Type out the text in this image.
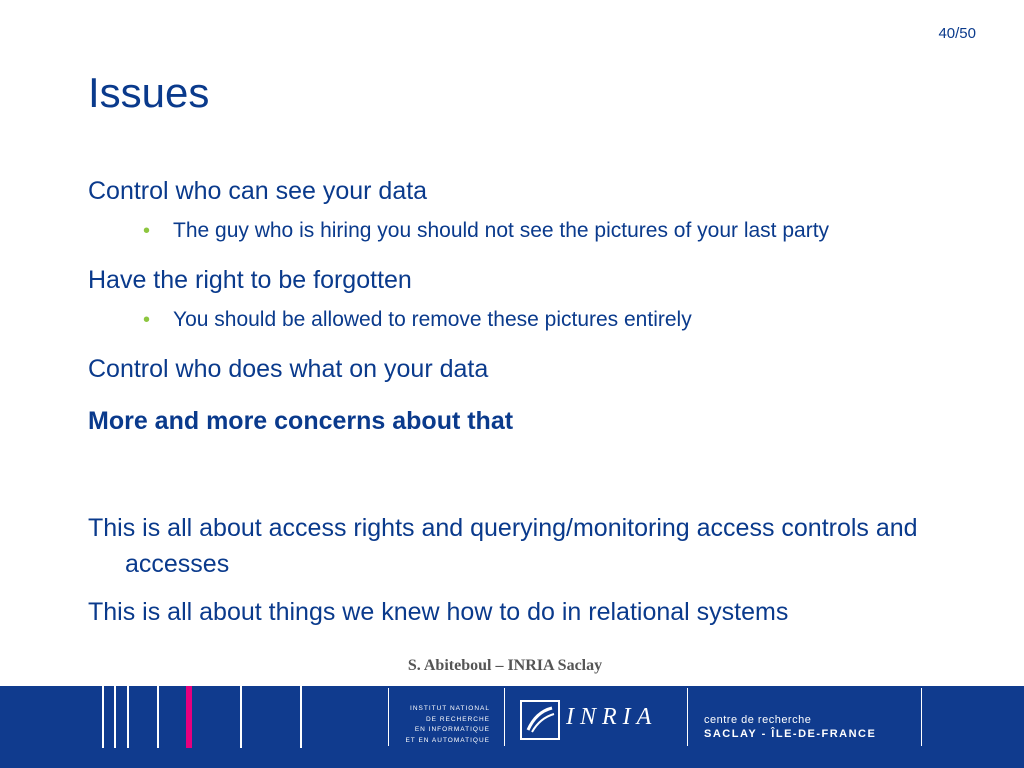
40/50
Issues
Control who can see your data
•	The guy who is hiring you should not see the pictures of your last party
Have the right to be forgotten
•	You should be allowed to remove these pictures entirely
Control who does what on your data
More and more concerns about that
This is all about access rights and querying/monitoring access controls and accesses
This is all about things we knew how to do in relational systems
S. Abiteboul – INRIA Saclay
INSTITUT NATIONAL
DE RECHERCHE
EN INFORMATIQUE
ET EN AUTOMATIQUE
INRIA	centre de recherche
SACLAY - ÎLE-DE-FRANCE
